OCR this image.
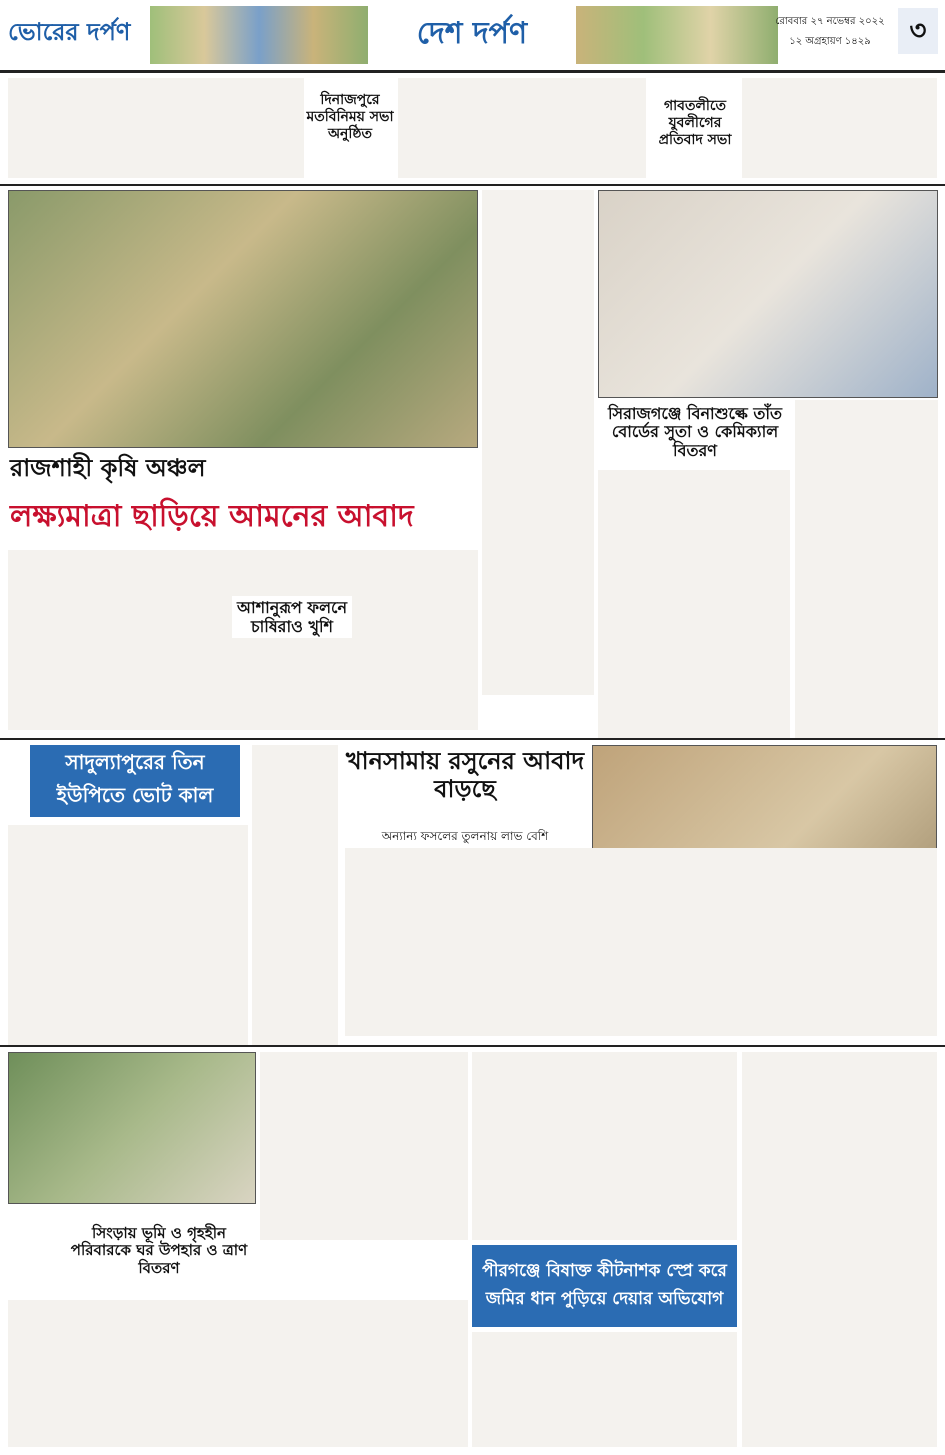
ভোরের দর্পণ	দেশ দর্পণ	রোববার ২৭ নভেম্বর ২০২২
১২ অগ্রহায়ণ ১৪২৯	৩
দিনাজপুরে মতবিনিময় সভা অনুষ্ঠিত
গাবতলীতে যুবলীগের প্রতিবাদ সভা
সিরাজগঞ্জে বিনাশুল্কে তাঁত বোর্ডের সুতা ও কেমিক্যাল বিতরণ
রাজশাহী কৃষি অঞ্চল
লক্ষ্যমাত্রা ছাড়িয়ে আমনের আবাদ
আশানুরূপ ফলনে চাষিরাও খুশি
সাদুল্যাপুরের তিন ইউপিতে ভোট কাল
খানসামায় রসুনের আবাদ বাড়ছে
অন্যান্য ফসলের তুলনায় লাভ বেশি
পীরগঞ্জে বিষাক্ত কীটনাশক স্প্রে করে জমির ধান পুড়িয়ে দেয়ার অভিযোগ
সিংড়ায় ভূমি ও গৃহহীন পরিবারকে ঘর উপহার ও ত্রাণ বিতরণ
